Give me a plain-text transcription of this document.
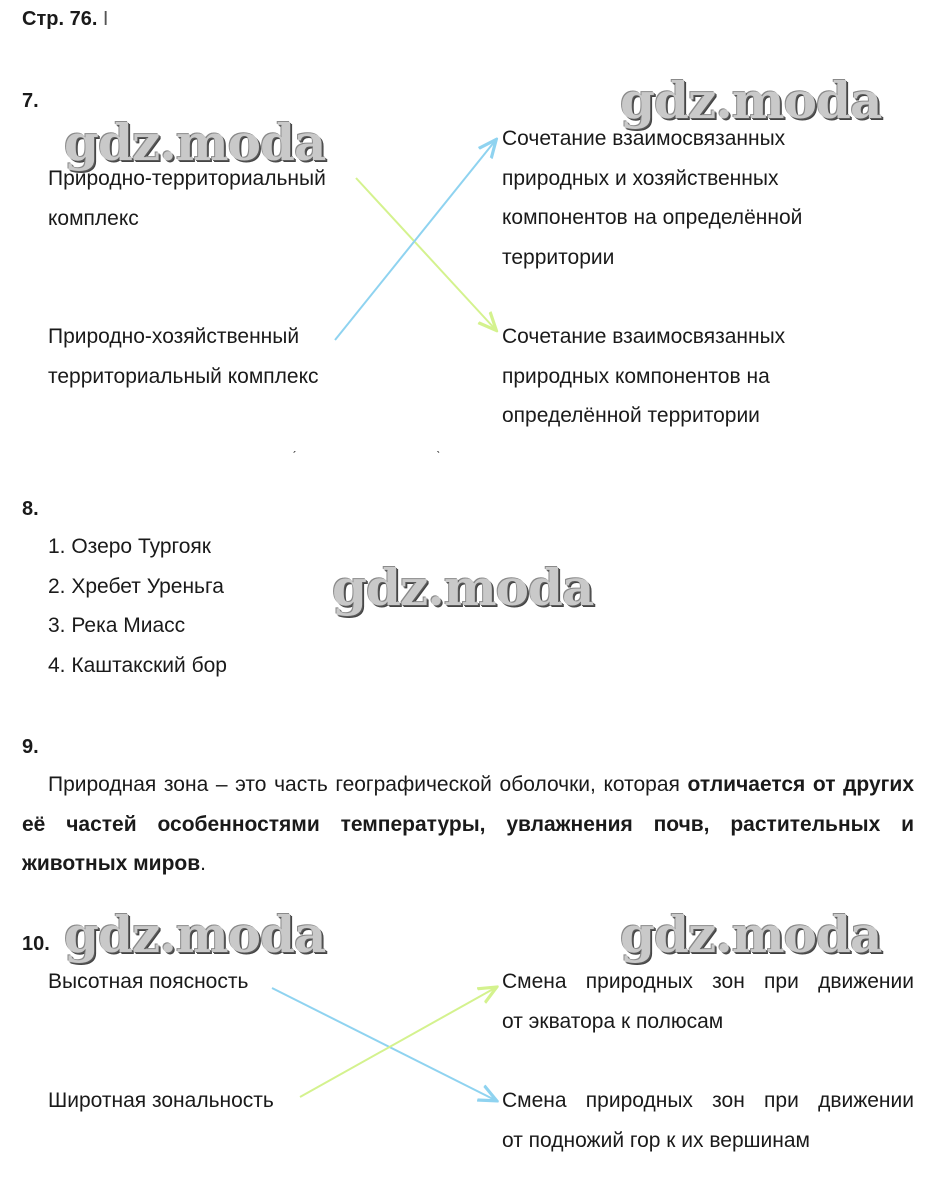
Стр. 76. I
gdz.moda
gdz.moda
gdz.moda
gdz.moda	gdz.moda
7.
Природно-территориальный
комплекс
Природно-хозяйственный
территориальный комплекс
Сочетание взаимосвязанных
природных и хозяйственных
компонентов на определённой
территории
Сочетание взаимосвязанных
природных компонентов на
определённой территории
ˊ	ˋ
8.
1. Озеро Тургояк
2. Хребет Уреньга
3. Река Миасс
4. Каштакский бор
9.
Природная зона – это часть географической оболочки, которая отличается от других её частей особенностями температуры, увлажнения почв, растительных и животных миров.
10.
Высотная поясность
Широтная зональность
Смена природных зон при движении
от экватора к полюсам
Смена природных зон при движении
от подножий гор к их вершинам
